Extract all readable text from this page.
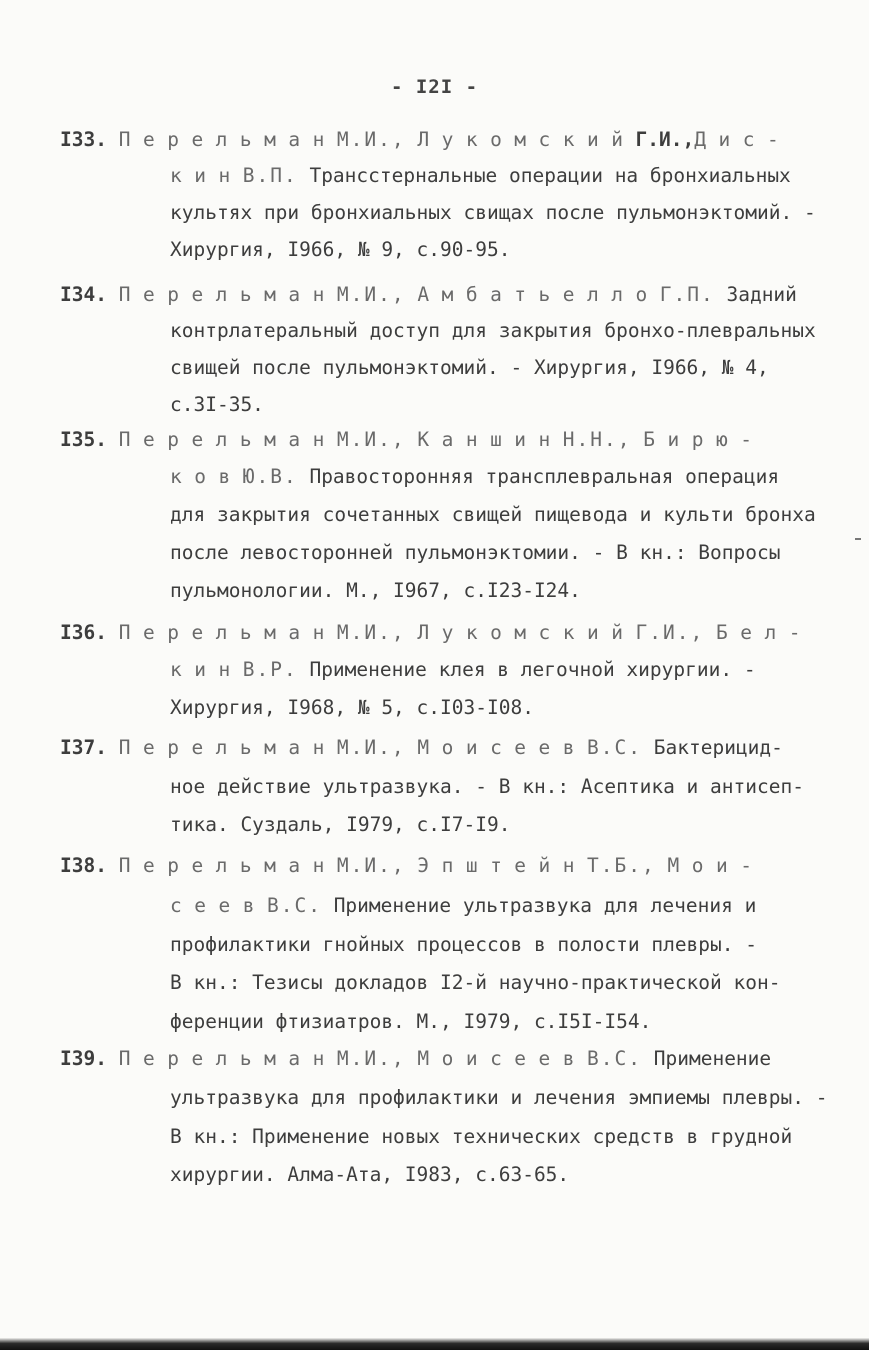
- I2I -
I33. ПерельманМ.И., ЛукомскийГ.И.,Дис-
кинВ.П. Трансстернальные операции на бронхиальных
культях при бронхиальных свищах после пульмонэктомий. -
Хирургия, I966, № 9, с.90-95.
I34. ПерельманМ.И., АмбатьеллоГ.П. Задний
контрлатеральный доступ для закрытия бронхо-плевральных
свищей после пульмонэктомий. - Хирургия, I966, № 4,
с.3I-35.
I35. ПерельманМ.И., КаншинН.Н., Бирю-
ковЮ.В. Правосторонняя трансплевральная операция
для закрытия сочетанных свищей пищевода и культи бронха
после левосторонней пульмонэктомии. - В кн.: Вопросы
пульмонологии. М., I967, с.I23-I24.
I36. ПерельманМ.И., ЛукомскийГ.И., Бел-
кинВ.Р. Применение клея в легочной хирургии. -
Хирургия, I968, № 5, с.I03-I08.
I37. ПерельманМ.И., МоисеевВ.С. Бактерицид-
ное действие ультразвука. - В кн.: Асептика и антисеп-
тика. Суздаль, I979, с.I7-I9.
I38. ПерельманМ.И., ЭпштейнТ.Б., Мои-
сеевВ.С. Применение ультразвука для лечения и
профилактики гнойных процессов в полости плевры. -
В кн.: Тезисы докладов I2-й научно-практической кон-
ференции фтизиатров. М., I979, с.I5I-I54.
I39. ПерельманМ.И., МоисеевВ.С. Применение
ультразвука для профилактики и лечения эмпиемы плевры. -
В кн.: Применение новых технических средств в грудной
хирургии. Алма-Ата, I983, с.63-65.
